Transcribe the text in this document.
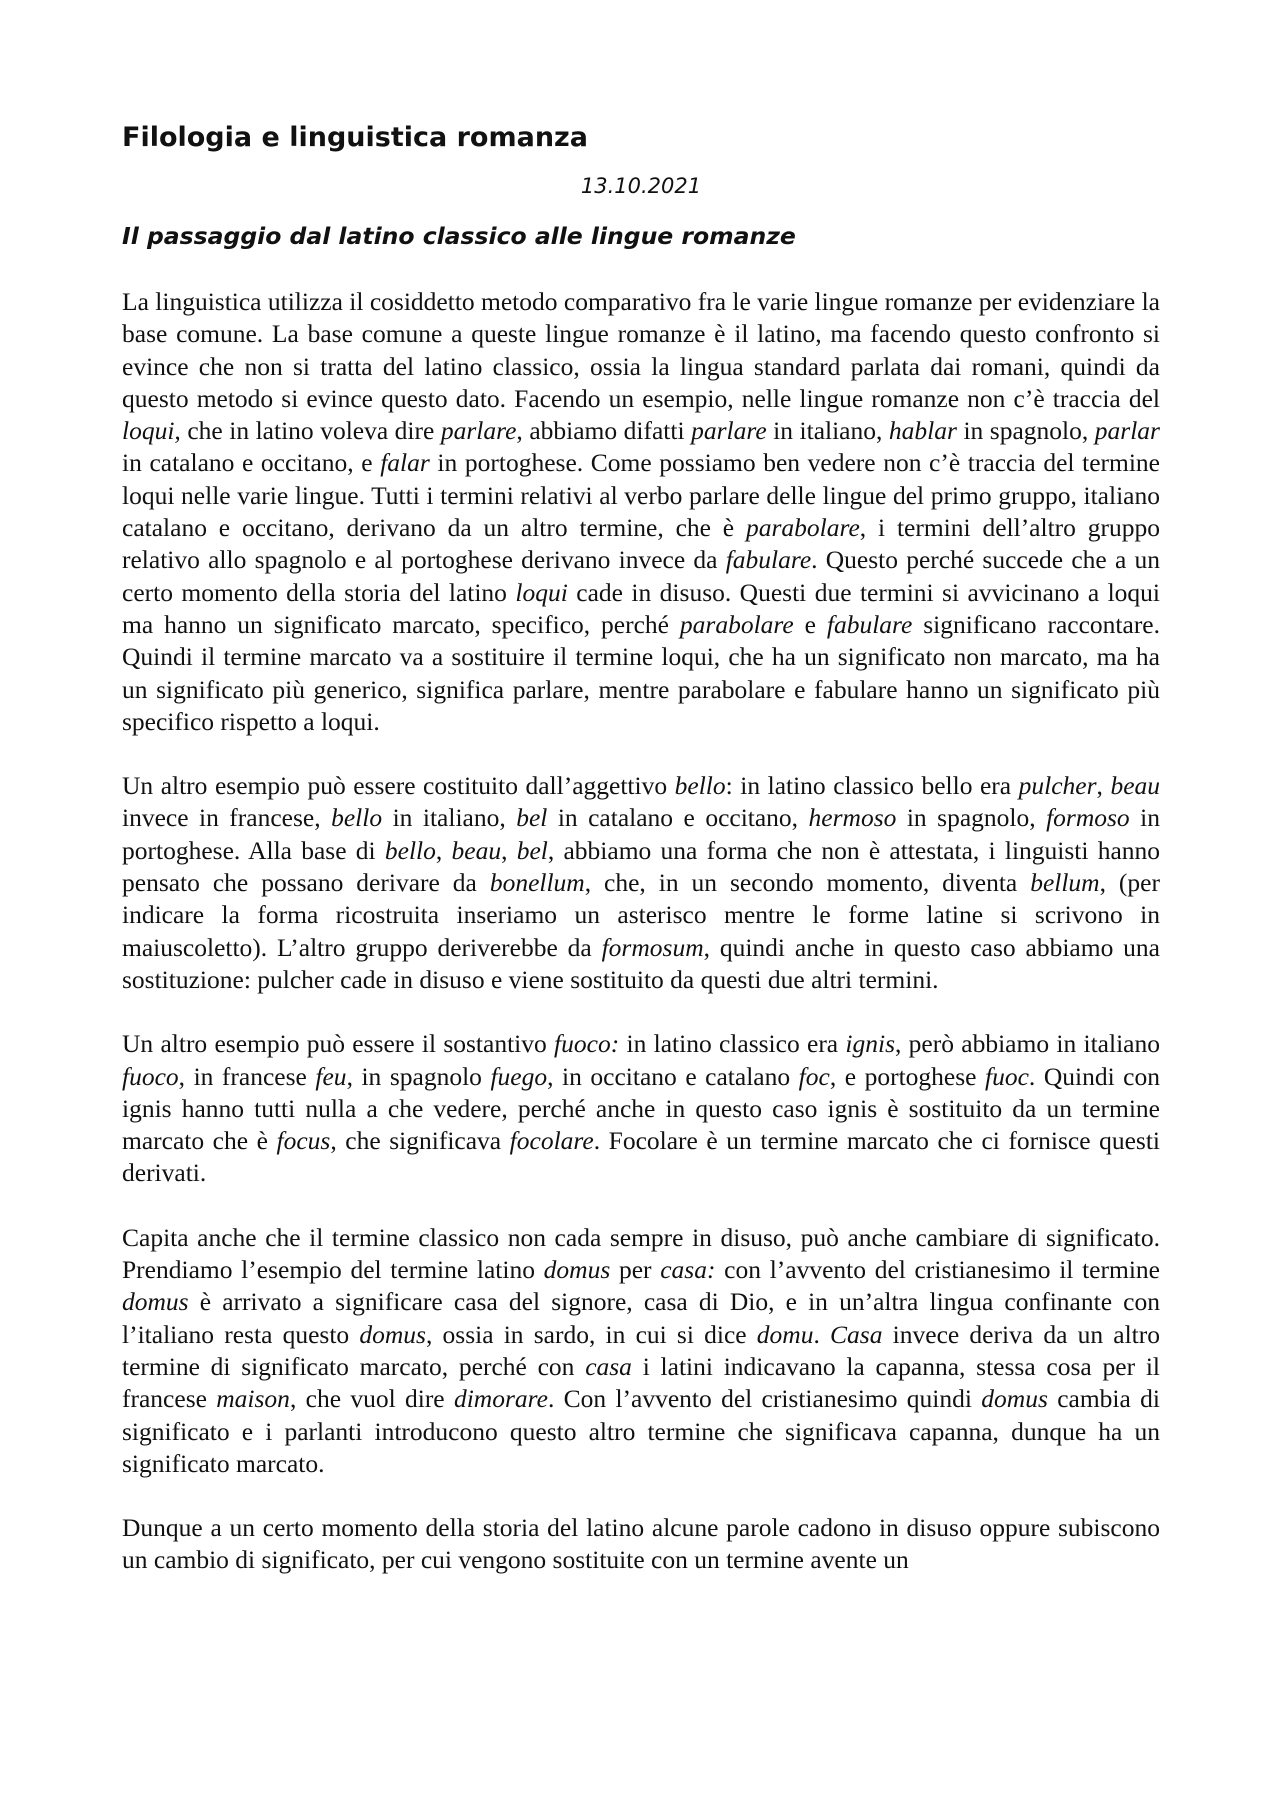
Filologia e linguistica romanza
13.10.2021
Il passaggio dal latino classico alle lingue romanze

La linguistica utilizza il cosiddetto metodo comparativo fra le varie lingue romanze per evidenziare la base comune. La base comune a queste lingue romanze è il latino, ma facendo questo confronto si evince che non si tratta del latino classico, ossia la lingua standard parlata dai romani, quindi da questo metodo si evince questo dato. Facendo un esempio, nelle lingue romanze non c’è traccia del loqui, che in latino voleva dire parlare, abbiamo difatti parlare in italiano, hablar in spagnolo, parlar in catalano e occitano, e falar in portoghese. Come possiamo ben vedere non c’è traccia del termine loqui nelle varie lingue. Tutti i termini relativi al verbo parlare delle lingue del primo gruppo, italiano catalano e occitano, derivano da un altro termine, che è parabolare, i termini dell’altro gruppo relativo allo spagnolo e al portoghese derivano invece da fabulare. Questo perché succede che a un certo momento della storia del latino loqui cade in disuso. Questi due termini si avvicinano a loqui ma hanno un significato marcato, specifico, perché parabolare e fabulare significano raccontare. Quindi il termine marcato va a sostituire il termine loqui, che ha un significato non marcato, ma ha un significato più generico, significa parlare, mentre parabolare e fabulare hanno un significato più specifico rispetto a loqui.

Un altro esempio può essere costituito dall’aggettivo bello: in latino classico bello era pulcher, beau invece in francese, bello in italiano, bel in catalano e occitano, hermoso in spagnolo, formoso in portoghese. Alla base di bello, beau, bel, abbiamo una forma che non è attestata, i linguisti hanno pensato che possano derivare da bonellum, che, in un secondo momento, diventa bellum, (per indicare la forma ricostruita inseriamo un asterisco mentre le forme latine si scrivono in maiuscoletto). L’altro gruppo deriverebbe da formosum, quindi anche in questo caso abbiamo una sostituzione: pulcher cade in disuso e viene sostituito da questi due altri termini.

Un altro esempio può essere il sostantivo fuoco: in latino classico era ignis, però abbiamo in italiano fuoco, in francese feu, in spagnolo fuego, in occitano e catalano foc, e portoghese fuoc. Quindi con ignis hanno tutti nulla a che vedere, perché anche in questo caso ignis è sostituito da un termine marcato che è focus, che significava focolare. Focolare è un termine marcato che ci fornisce questi derivati.

Capita anche che il termine classico non cada sempre in disuso, può anche cambiare di significato. Prendiamo l’esempio del termine latino domus per casa: con l’avvento del cristianesimo il termine domus è arrivato a significare casa del signore, casa di Dio, e in un’altra lingua confinante con l’italiano resta questo domus, ossia in sardo, in cui si dice domu. Casa invece deriva da un altro termine di significato marcato, perché con casa i latini indicavano la capanna, stessa cosa per il francese maison, che vuol dire dimorare. Con l’avvento del cristianesimo quindi domus cambia di significato e i parlanti introducono questo altro termine che significava capanna, dunque ha un significato marcato.

Dunque a un certo momento della storia del latino alcune parole cadono in disuso oppure subiscono un cambio di significato, per cui vengono sostituite con un termine avente un
